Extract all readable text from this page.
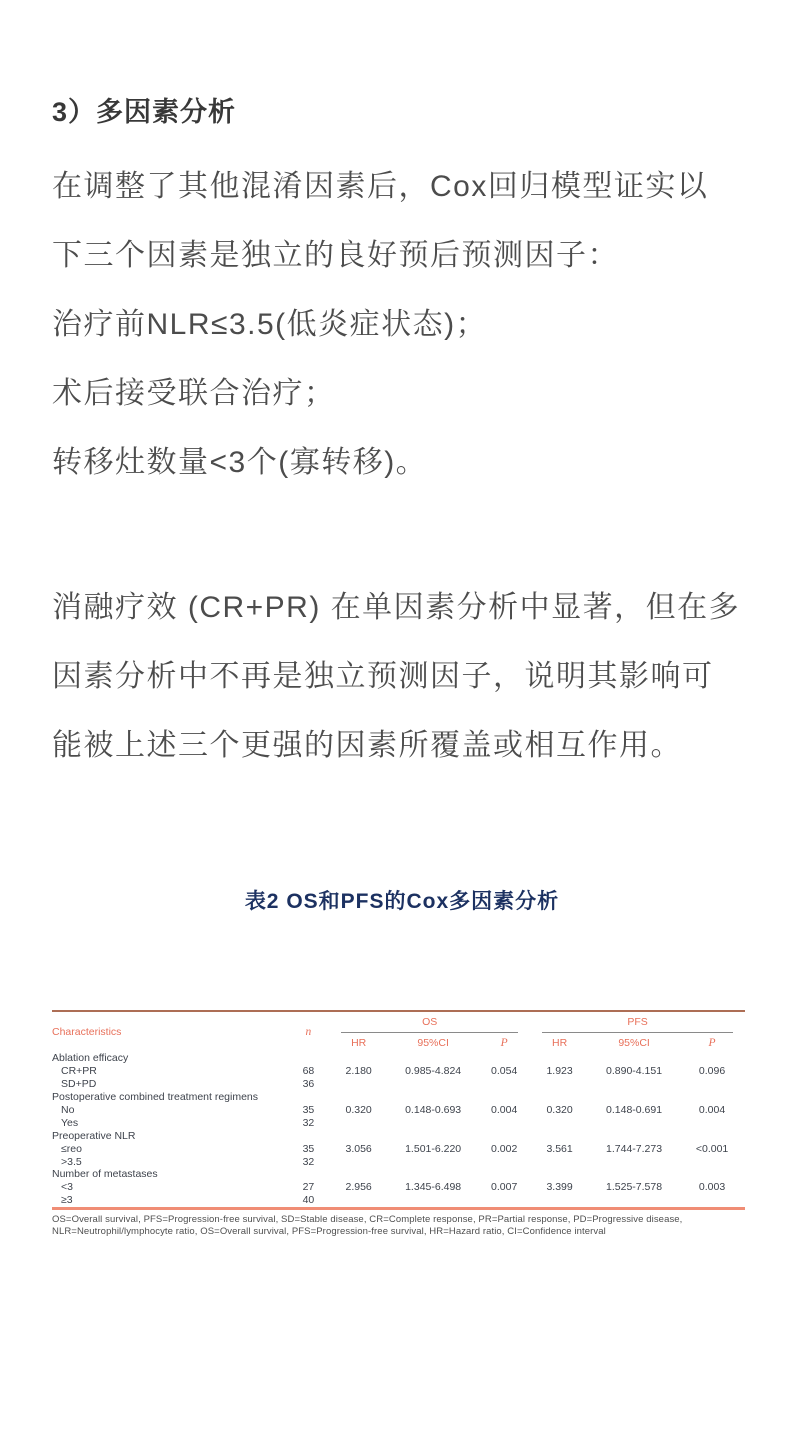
3）多因素分析
在调整了其他混淆因素后，Cox回归模型证实以
下三个因素是独立的良好预后预测因子：
治疗前NLR≤3.5(低炎症状态)；
术后接受联合治疗；
转移灶数量<3个(寡转移)。
消融疗效 (CR+PR) 在单因素分析中显著，但在多
因素分析中不再是独立预测因子，说明其影响可
能被上述三个更强的因素所覆盖或相互作用。
表2 OS和PFS的Cox多因素分析
Characteristics	n	OS			PFS		

		HR	95%CI	P	HR	95%CI	P
Ablation efficacy							
CR+PR	68	2.180	0.985-4.824	0.054	1.923	0.890-4.151	0.096
SD+PD	36						
Postoperative combined treatment regimens							
No	35	0.320	0.148-0.693	0.004	0.320	0.148-0.691	0.004
Yes	32						
Preoperative NLR							
≤reo	35	3.056	1.501-6.220	0.002	3.561	1.744-7.273	<0.001
>3.5	32						
Number of metastases							
<3	27	2.956	1.345-6.498	0.007	3.399	1.525-7.578	0.003
≥3	40						
OS=Overall survival, PFS=Progression-free survival, SD=Stable disease, CR=Complete response, PR=Partial response, PD=Progressive disease,
NLR=Neutrophil/lymphocyte ratio, OS=Overall survival, PFS=Progression-free survival, HR=Hazard ratio, CI=Confidence interval
